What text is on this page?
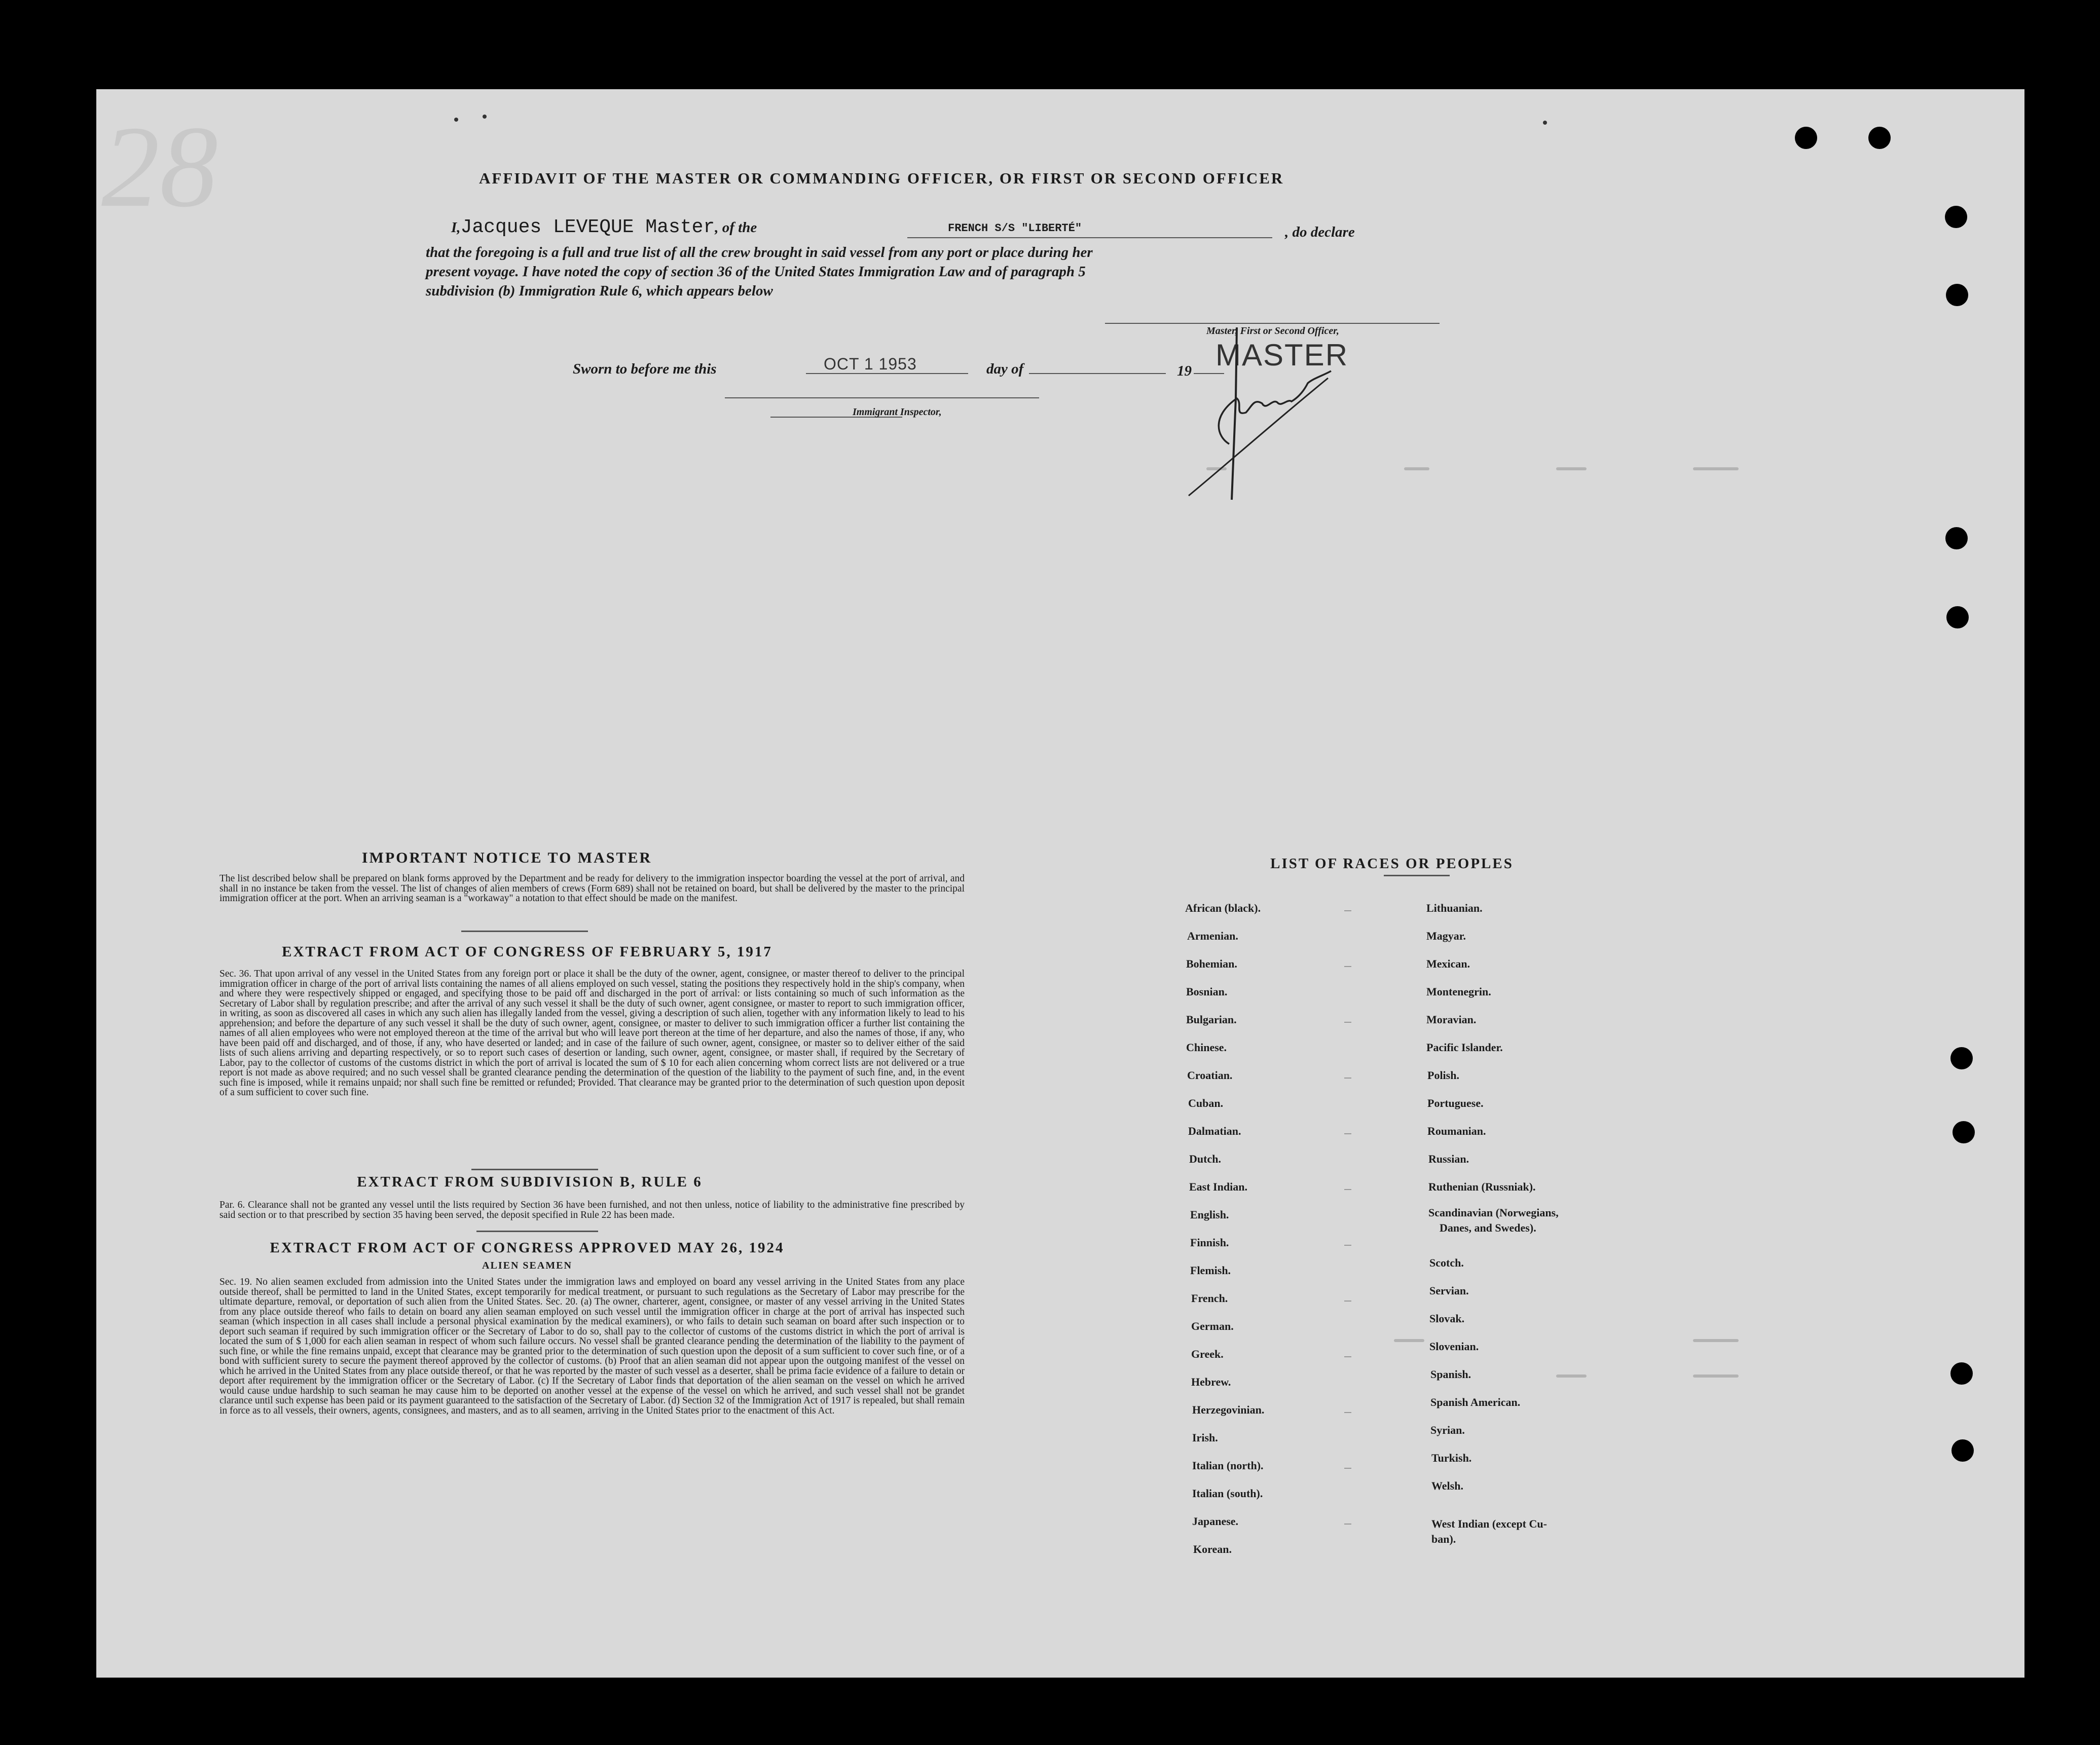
28	AFFIDAVIT OF THE MASTER OR COMMANDING OFFICER, OR FIRST OR SECOND OFFICER
I,Jacques LEVEQUE Master, of the	FRENCH S/S "LIBERTÉ"	, do declare
that the foregoing is a full and true list of all the crew brought in said vessel from any port or place during her
present voyage. I have noted the copy of section 36 of the United States Immigration Law and of paragraph 5
subdivision (b) Immigration Rule 6, which appears below
Master, First or Second Officer,
MASTER
Sworn to before me this	OCT 1 1953	day of	19
Immigrant Inspector,
IMPORTANT NOTICE TO MASTER
The list described below shall be prepared on blank forms approved by the Department and be ready for delivery to the immigration inspector boarding the vessel at the port of arrival, and shall in no instance be taken from the vessel. The list of changes of alien members of crews (Form 689) shall not be retained on board, but shall be delivered by the master to the principal immigration officer at the port. When an arriving seaman is a "workaway" a notation to that effect should be made on the manifest.
EXTRACT FROM ACT OF CONGRESS OF FEBRUARY 5, 1917
Sec. 36. That upon arrival of any vessel in the United States from any foreign port or place it shall be the duty of the owner, agent, consignee, or master thereof to deliver to the principal immigration officer in charge of the port of arrival lists containing the names of all aliens employed on such vessel, stating the positions they respectively hold in the ship's company, when and where they were respectively shipped or engaged, and specifying those to be paid off and discharged in the port of arrival: or lists containing so much of such information as the Secretary of Labor shall by regulation prescribe; and after the arrival of any such vessel it shall be the duty of such owner, agent consignee, or master to report to such immigration officer, in writing, as soon as discovered all cases in which any such alien has illegally landed from the vessel, giving a description of such alien, together with any information likely to lead to his apprehension; and before the departure of any such vessel it shall be the duty of such owner, agent, consignee, or master to deliver to such immigration officer a further list containing the names of all alien employees who were not employed thereon at the time of the arrival but who will leave port thereon at the time of her departure, and also the names of those, if any, who have been paid off and discharged, and of those, if any, who have deserted or landed; and in case of the failure of such owner, agent, consignee, or master so to deliver either of the said lists of such aliens arriving and departing respectively, or so to report such cases of desertion or landing, such owner, agent, consignee, or master shall, if required by the Secretary of Labor, pay to the collector of customs of the customs district in which the port of arrival is located the sum of $ 10 for each alien concerning whom correct lists are not delivered or a true report is not made as above required; and no such vessel shall be granted clearance pending the determination of the question of the liability to the payment of such fine, and, in the event such fine is imposed, while it remains unpaid; nor shall such fine be remitted or refunded; Provided. That clearance may be granted prior to the determination of such question upon deposit of a sum sufficient to cover such fine.
EXTRACT FROM SUBDIVISION B, RULE 6
Par. 6. Clearance shall not be granted any vessel until the lists required by Section 36 have been furnished, and not then unless, notice of liability to the administrative fine prescribed by said section or to that prescribed by section 35 having been served, the deposit specified in Rule 22 has been made.
EXTRACT FROM ACT OF CONGRESS APPROVED MAY 26, 1924
ALIEN SEAMEN
Sec. 19. No alien seamen excluded from admission into the United States under the immigration laws and employed on board any vessel arriving in the United States from any place outside thereof, shall be permitted to land in the United States, except temporarily for medical treatment, or pursuant to such regulations as the Secretary of Labor may prescribe for the ultimate departure, removal, or deportation of such alien from the United States. Sec. 20. (a) The owner, charterer, agent, consignee, or master of any vessel arriving in the United States from any place outside thereof who fails to detain on board any alien seaman employed on such vessel until the immigration officer in charge at the port of arrival has inspected such seaman (which inspection in all cases shall include a personal physical examination by the medical examiners), or who fails to detain such seaman on board after such inspection or to deport such seaman if required by such immigration officer or the Secretary of Labor to do so, shall pay to the collector of customs of the customs district in which the port of arrival is located the sum of $ 1,000 for each alien seaman in respect of whom such failure occurs. No vessel shall be granted clearance pending the determination of the liability to the payment of such fine, or while the fine remains unpaid, except that clearance may be granted prior to the determination of such question upon the deposit of a sum sufficient to cover such fine, or of a bond with sufficient surety to secure the payment thereof approved by the collector of customs. (b) Proof that an alien seaman did not appear upon the outgoing manifest of the vessel on which he arrived in the United States from any place outside thereof, or that he was reported by the master of such vessel as a deserter, shall be prima facie evidence of a failure to detain or deport after requirement by the immigration officer or the Secretary of Labor. (c) If the Secretary of Labor finds that deportation of the alien seaman on the vessel on which he arrived would cause undue hardship to such seaman he may cause him to be deported on another vessel at the expense of the vessel on which he arrived, and such vessel shall not be grandet clarance until such expense has been paid or its payment guaranteed to the satisfaction of the Secretary of Labor. (d) Section 32 of the Immigration Act of 1917 is repealed, but shall remain in force as to all vessels, their owners, agents, consignees, and masters, and as to all seamen, arriving in the United States prior to the enactment of this Act.
LIST OF RACES OR PEOPLES
African (black).
Armenian.
Bohemian.
Bosnian.
Bulgarian.
Chinese.
Croatian.
Cuban.
Dalmatian.
Dutch.
East Indian.
English.
Finnish.
Flemish.
French.
German.
Greek.
Hebrew.
Herzegovinian.
Irish.
Italian (north).
Italian (south).
Japanese.
Korean.
Lithuanian.
Magyar.
Mexican.
Montenegrin.
Moravian.
Pacific Islander.
Polish.
Portuguese.
Roumanian.
Russian.
Ruthenian (Russniak).
Scandinavian (Norwegians,
Danes, and Swedes).
Scotch.
Servian.
Slovak.
Slovenian.
Spanish.
Spanish American.
Syrian.
Turkish.
Welsh.
West Indian (except Cu-
ban).
